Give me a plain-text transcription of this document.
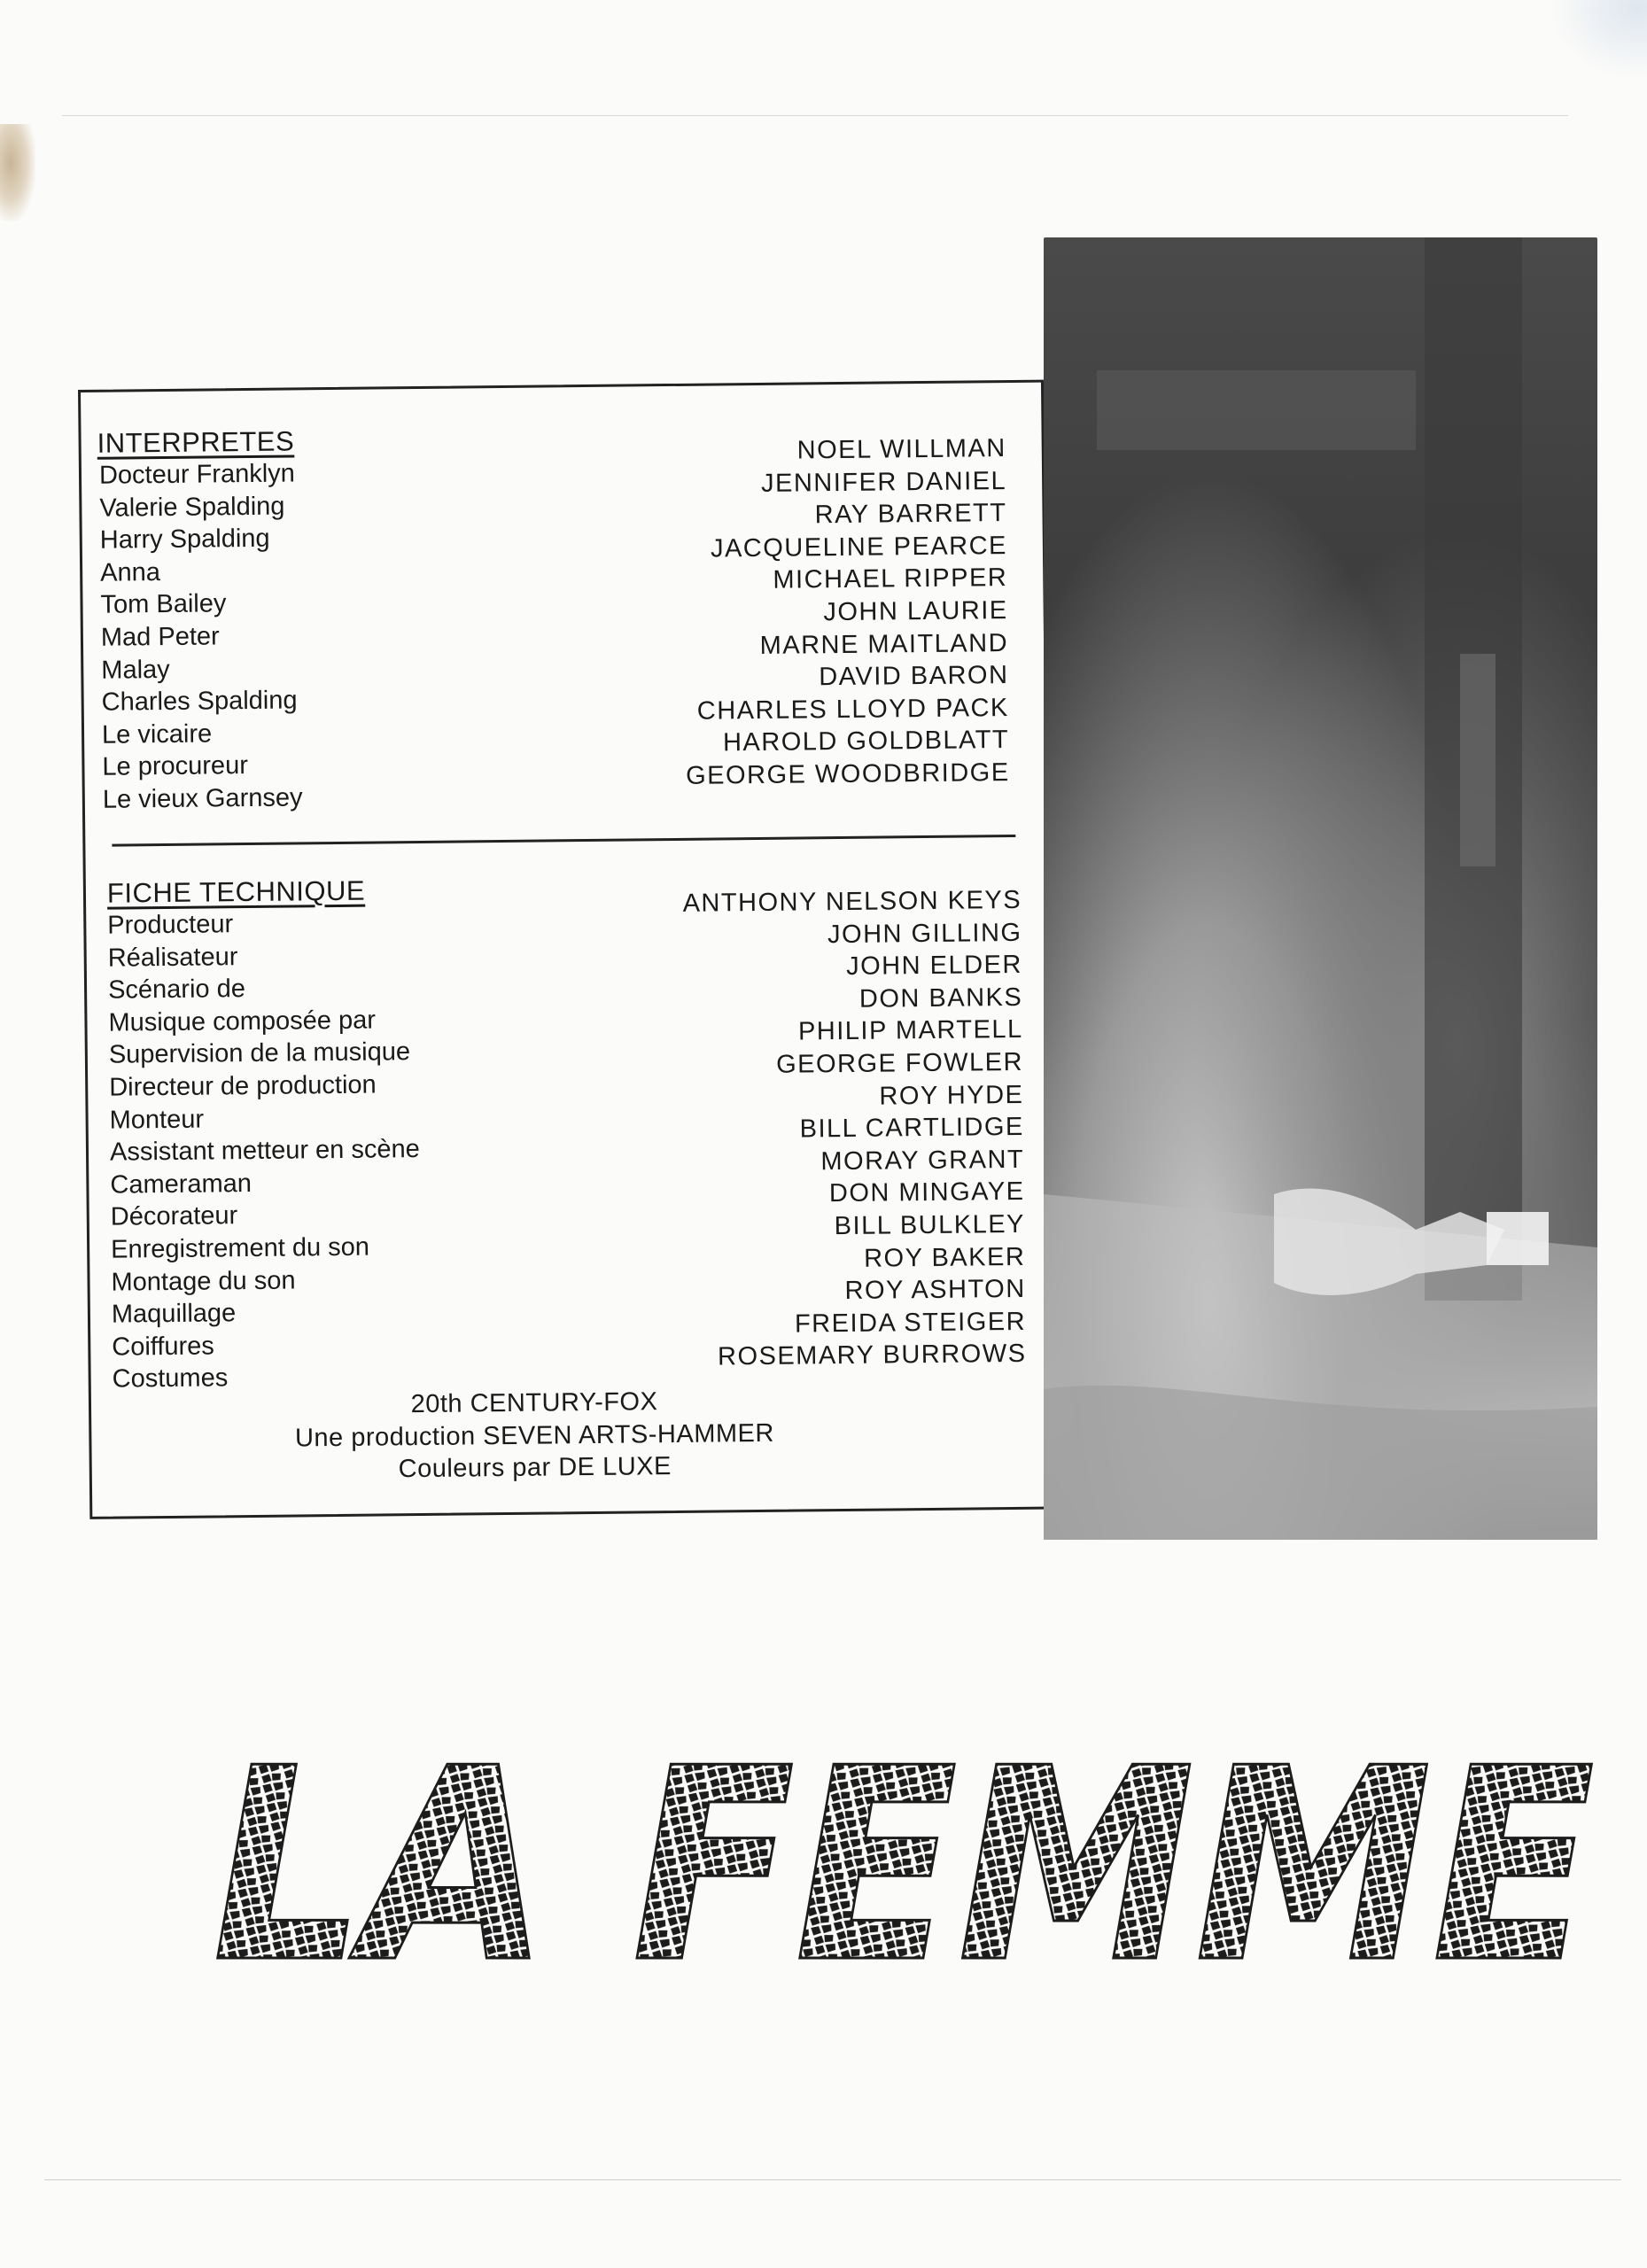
INTERPRETES
Docteur Franklyn
Valerie Spalding
Harry Spalding
Anna
Tom Bailey
Mad Peter
Malay
Charles Spalding
Le vicaire
Le procureur
Le vieux Garnsey
NOEL WILLMAN
JENNIFER DANIEL
RAY BARRETT
JACQUELINE PEARCE
MICHAEL RIPPER
JOHN LAURIE
MARNE MAITLAND
DAVID BARON
CHARLES LLOYD PACK
HAROLD GOLDBLATT
GEORGE WOODBRIDGE
FICHE TECHNIQUE
Producteur
Réalisateur
Scénario de
Musique composée par
Supervision de la musique
Directeur de production
Monteur
Assistant metteur en scène
Cameraman
Décorateur
Enregistrement du son
Montage du son
Maquillage
Coiffures
Costumes
ANTHONY NELSON KEYS
JOHN GILLING
JOHN ELDER
DON BANKS
PHILIP MARTELL
GEORGE FOWLER
ROY HYDE
BILL CARTLIDGE
MORAY GRANT
DON MINGAYE
BILL BULKLEY
ROY BAKER
ROY ASHTON
FREIDA STEIGER
ROSEMARY BURROWS
20th CENTURY-FOX
Une production SEVEN ARTS-HAMMER
Couleurs par DE LUXE
LA FEMME
